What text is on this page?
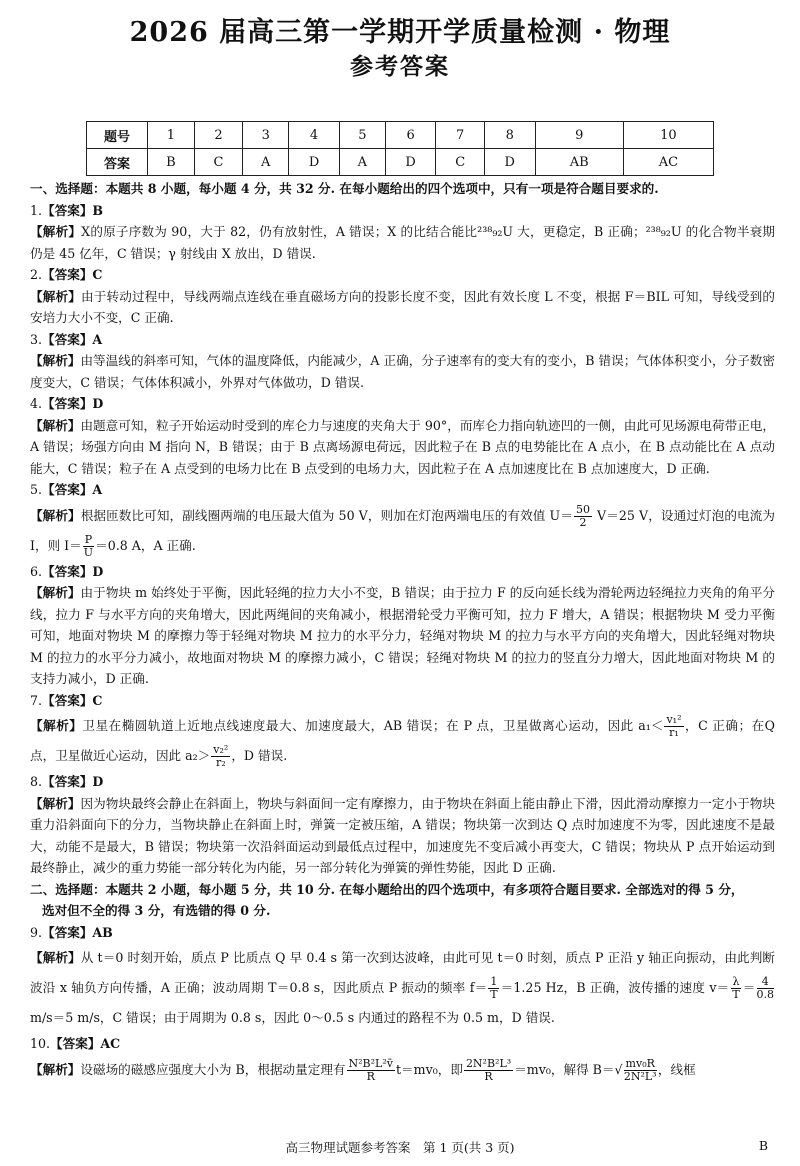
2026 届高三第一学期开学质量检测 · 物理
参考答案
题号	1	2	3	4	5	6	7	8	9	10
答案	B	C	A	D	A	D	C	D	AB	AC

一、选择题：本题共 8 小题，每小题 4 分，共 32 分. 在每小题给出的四个选项中，只有一项是符合题目要求的.

1.【答案】B

【解析】X的原子序数为 90，大于 82，仍有放射性，A 错误；X 的比结合能比²³⁸₉₂U 大，更稳定，B 正确；²³⁸₉₂U 的化合物半衰期仍是 45 亿年，C 错误；γ 射线由 X 放出，D 错误.

2.【答案】C

【解析】由于转动过程中，导线两端点连线在垂直磁场方向的投影长度不变，因此有效长度 L 不变，根据 F＝BIL 可知，导线受到的安培力大小不变，C 正确.

3.【答案】A

【解析】由等温线的斜率可知，气体的温度降低，内能减少，A 正确，分子速率有的变大有的变小，B 错误；气体体积变小，分子数密度变大，C 错误；气体体积减小，外界对气体做功，D 错误.

4.【答案】D

【解析】由题意可知，粒子开始运动时受到的库仑力与速度的夹角大于 90°，而库仑力指向轨迹凹的一侧，由此可见场源电荷带正电，A 错误；场强方向由 M 指向 N，B 错误；由于 B 点离场源电荷远，因此粒子在 B 点的电势能比在 A 点小，在 B 点动能比在 A 点动能大，C 错误；粒子在 A 点受到的电场力比在 B 点受到的电场力大，因此粒子在 A 点加速度比在 B 点加速度大，D 正确.

5.【答案】A

【解析】根据匝数比可知，副线圈两端的电压最大值为 50 V，则加在灯泡两端电压的有效值 $U= \frac{50}{2} V=25$ V，设通过灯泡的电流为 I，则 $I= \frac{P}{U} =0.8$ A，A 正确.

6.【答案】D

【解析】由于物块 m 始终处于平衡，因此轻绳的拉力大小不变，B 错误；由于拉力 F 的反向延长线为滑轮两边轻绳拉力夹角的角平分线，拉力 F 与水平方向的夹角增大，因此两绳间的夹角减小，根据滑轮受力平衡可知，拉力 F 增大，A 错误；根据物块 M 受力平衡可知，地面对物块 M 的摩擦力等于轻绳对物块 M 拉力的水平分力，轻绳对物块 M 的拉力与水平方向的夹角增大，因此轻绳对物块 M 的拉力的水平分力减小，故地面对物块 M 的摩擦力减小，C 错误；轻绳对物块 M 的拉力的竖直分力增大，因此地面对物块 M 的支持力减小，D 正确.

7.【答案】C

【解析】卫星在椭圆轨道上近地点线速度最大、加速度最大，AB 错误；在 P 点，卫星做离心运动，因此 $a_1< \frac{\text{v₁²}}{\text{r₁}}$ ，C 正确；在Q 点，卫星做近心运动，因此 $a_2> \frac{\text{v₂²}}{\text{r₂}}$ ，D 错误.

8.【答案】D

【解析】因为物块最终会静止在斜面上，物块与斜面间一定有摩擦力，由于物块在斜面上能由静止下滑，因此滑动摩擦力一定小于物块重力沿斜面向下的分力，当物块静止在斜面上时，弹簧一定被压缩，A 错误；物块第一次到达 Q 点时加速度不为零，因此速度不是最大，动能不是最大，B 错误；物块第一次沿斜面运动到最低点过程中，加速度先不变后减小再变大，C 错误；物块从 P 点开始运动到最终静止，减少的重力势能一部分转化为内能，另一部分转化为弹簧的弹性势能，因此 D 正确.

二、选择题：本题共 2 小题，每小题 5 分，共 10 分. 在每小题给出的四个选项中，有多项符合题目要求. 全部选对的得 5 分，

选对但不全的得 3 分，有选错的得 0 分.

9.【答案】AB

【解析】从 t＝0 时刻开始，质点 P 比质点 Q 早 0.4 s 第一次到达波峰，由此可见 t＝0 时刻，质点 P 正沿 y 轴正向振动，由此判断波沿 x 轴负方向传播，A 正确；波动周期 T＝0.8 s，因此质点 P 振动的频率 $f= \frac{1}{T} =1.25$ Hz，B 正确，波传播的速度 $v= \frac{\lambda}{T} = \frac{4}{0.8}$
m/s＝5 m/s，C 错误；由于周期为 0.8 s，因此 0～0.5 s 内通过的路程不为 0.5 m，D 错误.

10.【答案】AC

【解析】设磁场的磁感应强度大小为 B，根据动量定理有 $\frac{\text{N²B²L²v̄}}{R} t=mv_0$，即 $\frac{\text{2N²B²L³}}{R} =mv_0$，解得 $B=√ \frac{\text{mv₀R}}{\text{2N²L³}}$ ，线框

高三物理试题参考答案　第 1 页(共 3 页)	B
